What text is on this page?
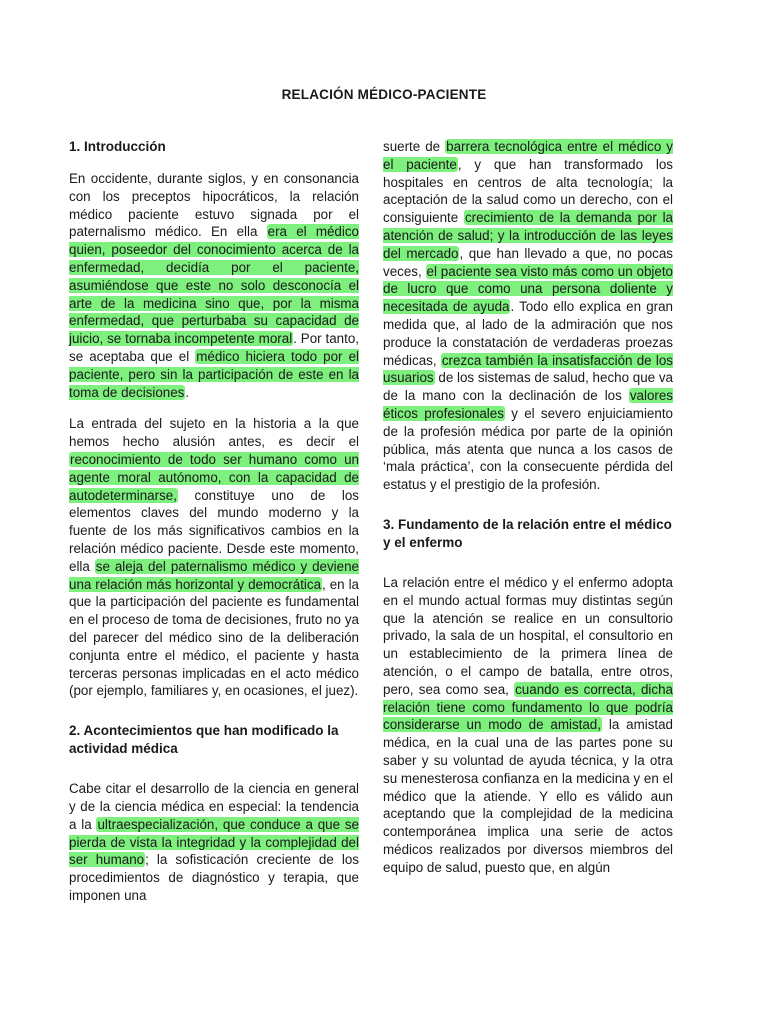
RELACIÓN MÉDICO-PACIENTE
1. Introducción

En occidente, durante siglos, y en consonancia con los preceptos hipocráticos, la relación médico paciente estuvo signada por el paternalismo médico. En ella era el médico quien, poseedor del conocimiento acerca de la enfermedad, decidía por el paciente, asumiéndose que este no solo desconocía el arte de la medicina sino que, por la misma enfermedad, que perturbaba su capacidad de juicio, se tornaba incompetente moral. Por tanto, se aceptaba que el médico hiciera todo por el paciente, pero sin la participación de este en la toma de decisiones.

La entrada del sujeto en la historia a la que hemos hecho alusión antes, es decir el reconocimiento de todo ser humano como un agente moral autónomo, con la capacidad de autodeterminarse, constituye uno de los elementos claves del mundo moderno y la fuente de los más significativos cambios en la relación médico paciente. Desde este momento, ella se aleja del paternalismo médico y deviene una relación más horizontal y democrática, en la que la participación del paciente es fundamental en el proceso de toma de decisiones, fruto no ya del parecer del médico sino de la deliberación conjunta entre el médico, el paciente y hasta terceras personas implicadas en el acto médico (por ejemplo, familiares y, en ocasiones, el juez).

2. Acontecimientos que han modificado la actividad médica

Cabe citar el desarrollo de la ciencia en general y de la ciencia médica en especial: la tendencia a la ultraespecialización, que conduce a que se pierda de vista la integridad y la complejidad del ser humano; la sofisticación creciente de los procedimientos de diagnóstico y terapia, que imponen una

suerte de barrera tecnológica entre el médico y el paciente, y que han transformado los hospitales en centros de alta tecnología; la aceptación de la salud como un derecho, con el consiguiente crecimiento de la demanda por la atención de salud; y la introducción de las leyes del mercado, que han llevado a que, no pocas veces, el paciente sea visto más como un objeto de lucro que como una persona doliente y necesitada de ayuda. Todo ello explica en gran medida que, al lado de la admiración que nos produce la constatación de verdaderas proezas médicas, crezca también la insatisfacción de los usuarios de los sistemas de salud, hecho que va de la mano con la declinación de los valores éticos profesionales y el severo enjuiciamiento de la profesión médica por parte de la opinión pública, más atenta que nunca a los casos de ‘mala práctica’, con la consecuente pérdida del estatus y el prestigio de la profesión.

3. Fundamento de la relación entre el médico y el enfermo

La relación entre el médico y el enfermo adopta en el mundo actual formas muy distintas según que la atención se realice en un consultorio privado, la sala de un hospital, el consultorio en un establecimiento de la primera línea de atención, o el campo de batalla, entre otros, pero, sea como sea, cuando es correcta, dicha relación tiene como fundamento lo que podría considerarse un modo de amistad, la amistad médica, en la cual una de las partes pone su saber y su voluntad de ayuda técnica, y la otra su menesterosa confianza en la medicina y en el médico que la atiende. Y ello es válido aun aceptando que la complejidad de la medicina contemporánea implica una serie de actos médicos realizados por diversos miembros del equipo de salud, puesto que, en algún
